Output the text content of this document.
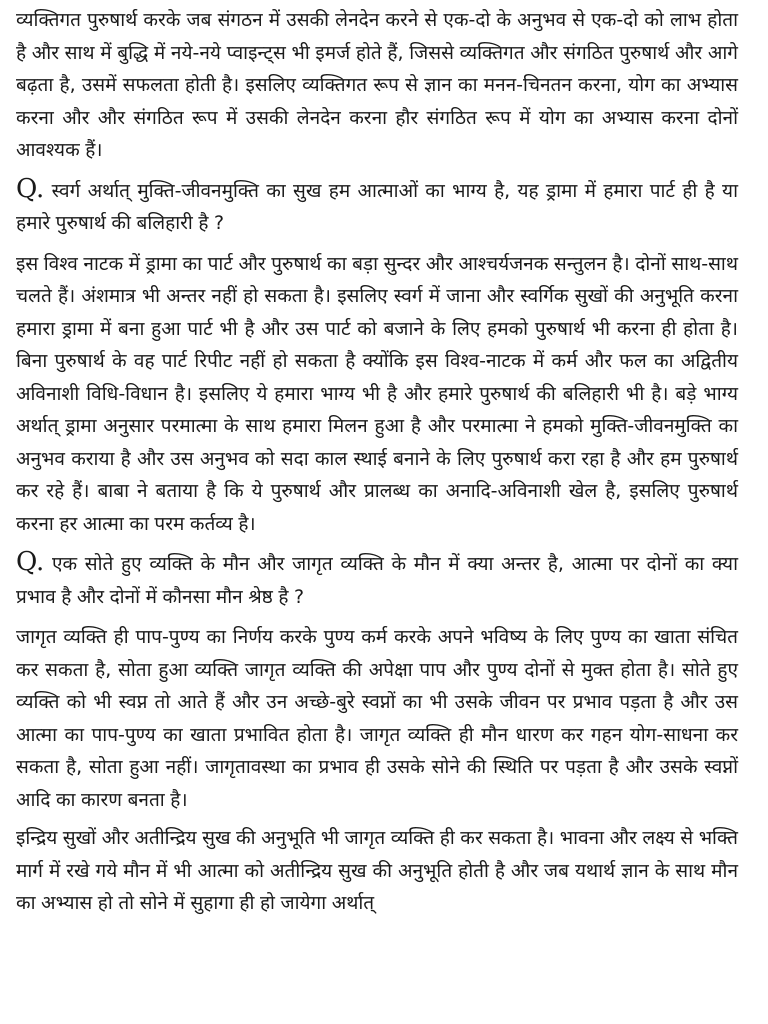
व्यक्तिगत पुरुषार्थ करके जब संगठन में उसकी लेनदेन करने से एक-दो के अनुभव से एक-दो को लाभ होता है और साथ में बुद्धि में नये-नये प्वाइन्ट्स भी इमर्ज होते हैं, जिससे व्यक्तिगत और संगठित पुरुषार्थ और आगे बढ़ता है, उसमें सफलता होती है। इसलिए व्यक्तिगत रूप से ज्ञान का मनन-चिनतन करना, योग का अभ्यास करना और और संगठित रूप में उसकी लेनदेन करना हौर संगठित रूप में योग का अभ्यास करना दोनों आवश्यक हैं।

Q. स्वर्ग अर्थात् मुक्ति-जीवनमुक्ति का सुख हम आत्माओं का भाग्य है, यह ड्रामा में हमारा पार्ट ही है या हमारे पुरुषार्थ की बलिहारी है ?

इस विश्व नाटक में ड्रामा का पार्ट और पुरुषार्थ का बड़ा सुन्दर और आश्चर्यजनक सन्तुलन है। दोनों साथ-साथ चलते हैं। अंशमात्र भी अन्तर नहीं हो सकता है। इसलिए स्वर्ग में जाना और स्वर्गिक सुखों की अनुभूति करना हमारा ड्रामा में बना हुआ पार्ट भी है और उस पार्ट को बजाने के लिए हमको पुरुषार्थ भी करना ही होता है। बिना पुरुषार्थ के वह पार्ट रिपीट नहीं हो सकता है क्योंकि इस विश्व-नाटक में कर्म और फल का अद्वितीय अविनाशी विधि-विधान है। इसलिए ये हमारा भाग्य भी है और हमारे पुरुषार्थ की बलिहारी भी है। बड़े भाग्य अर्थात् ड्रामा अनुसार परमात्मा के साथ हमारा मिलन हुआ है और परमात्मा ने हमको मुक्ति-जीवनमुक्ति का अनुभव कराया है और उस अनुभव को सदा काल स्थाई बनाने के लिए पुरुषार्थ करा रहा है और हम पुरुषार्थ कर रहे हैं। बाबा ने बताया है कि ये पुरुषार्थ और प्रालब्ध का अनादि-अविनाशी खेल है, इसलिए पुरुषार्थ करना हर आत्मा का परम कर्तव्य है।

Q. एक सोते हुए व्यक्ति के मौन और जागृत व्यक्ति के मौन में क्या अन्तर है, आत्मा पर दोनों का क्या प्रभाव है और दोनों में कौनसा मौन श्रेष्ठ है ?

जागृत व्यक्ति ही पाप-पुण्य का निर्णय करके पुण्य कर्म करके अपने भविष्य के लिए पुण्य का खाता संचित कर सकता है, सोता हुआ व्यक्ति जागृत व्यक्ति की अपेक्षा पाप और पुण्य दोनों से मुक्त होता है। सोते हुए व्यक्ति को भी स्वप्न तो आते हैं और उन अच्छे-बुरे स्वप्नों का भी उसके जीवन पर प्रभाव पड़ता है और उस आत्मा का पाप-पुण्य का खाता प्रभावित होता है। जागृत व्यक्ति ही मौन धारण कर गहन योग-साधना कर सकता है, सोता हुआ नहीं। जागृतावस्था का प्रभाव ही उसके सोने की स्थिति पर पड़ता है और उसके स्वप्नों आदि का कारण बनता है।

इन्द्रिय सुखों और अतीन्द्रिय सुख की अनुभूति भी जागृत व्यक्ति ही कर सकता है। भावना और लक्ष्य से भक्ति मार्ग में रखे गये मौन में भी आत्मा को अतीन्द्रिय सुख की अनुभूति होती है और जब यथार्थ ज्ञान के साथ मौन का अभ्यास हो तो सोने में सुहागा ही हो जायेगा अर्थात्
